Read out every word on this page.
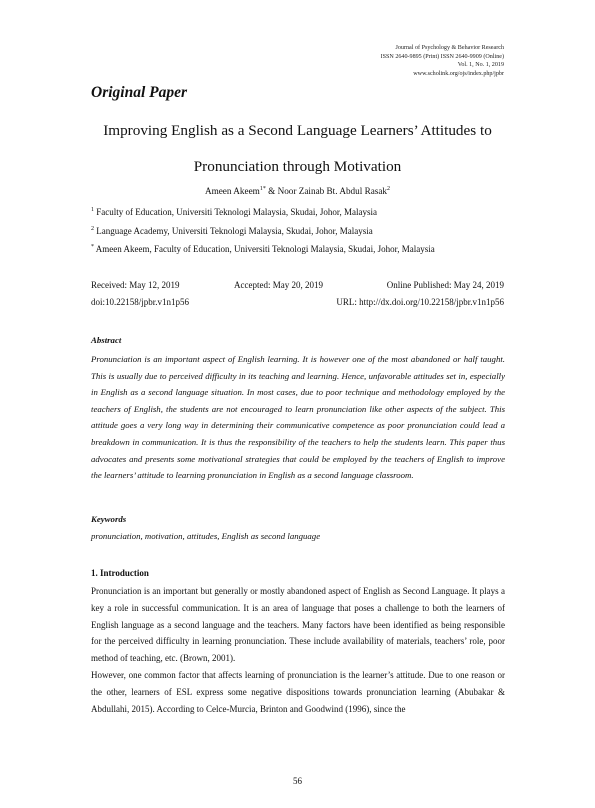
Journal of Psychology & Behavior Research
ISSN 2640-9895 (Print) ISSN 2640-9909 (Online)
Vol. 1, No. 1, 2019
www.scholink.org/ojs/index.php/jpbr
Original Paper
Improving English as a Second Language Learners’ Attitudes to
Pronunciation through Motivation
Ameen Akeem$^{1*}$ & Noor Zainab Bt. Abdul Rasak$^2$
$^1$ Faculty of Education, Universiti Teknologi Malaysia, Skudai, Johor, Malaysia
$^2$ Language Academy, Universiti Teknologi Malaysia, Skudai, Johor, Malaysia
* Ameen Akeem, Faculty of Education, Universiti Teknologi Malaysia, Skudai, Johor, Malaysia
Received: May 12, 2019	Accepted: May 20, 2019	Online Published: May 24, 2019
doi:10.22158/jpbr.v1n1p56	URL: http://dx.doi.org/10.22158/jpbr.v1n1p56
Abstract

Pronunciation is an important aspect of English learning. It is however one of the most abandoned or half taught. This is usually due to perceived difficulty in its teaching and learning. Hence, unfavorable attitudes set in, especially in English as a second language situation. In most cases, due to poor technique and methodology employed by the teachers of English, the students are not encouraged to learn pronunciation like other aspects of the subject. This attitude goes a very long way in determining their communicative competence as poor pronunciation could lead a breakdown in communication. It is thus the responsibility of the teachers to help the students learn. This paper thus advocates and presents some motivational strategies that could be employed by the teachers of English to improve the learners’ attitude to learning pronunciation in English as a second language classroom.

Keywords
pronunciation, motivation, attitudes, English as second language
1. Introduction

Pronunciation is an important but generally or mostly abandoned aspect of English as Second Language. It plays a key a role in successful communication. It is an area of language that poses a challenge to both the learners of English language as a second language and the teachers. Many factors have been identified as being responsible for the perceived difficulty in learning pronunciation. These include availability of materials, teachers’ role, poor method of teaching, etc. (Brown, 2001).

However, one common factor that affects learning of pronunciation is the learner’s attitude. Due to one reason or the other, learners of ESL express some negative dispositions towards pronunciation learning (Abubakar & Abdullahi, 2015). According to Celce-Murcia, Brinton and Goodwind (1996), since the

56
